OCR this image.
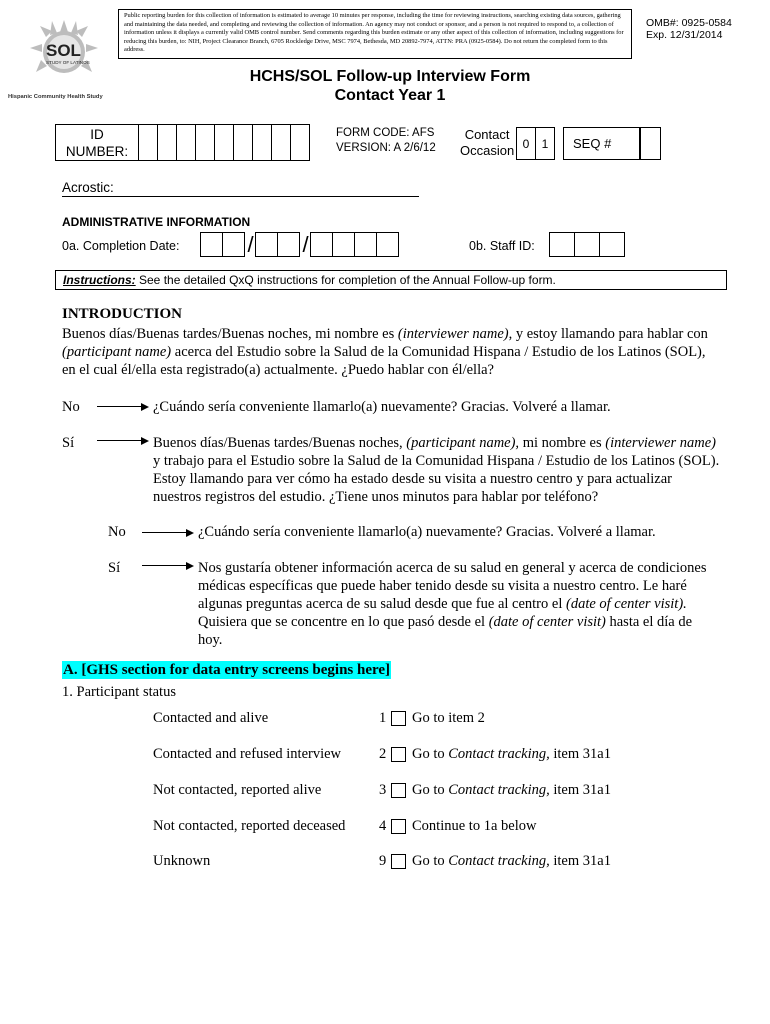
SOL
STUDY OF LATINOS
Hispanic Community Health Study
Public reporting burden for this collection of information is estimated to average 10 minutes per response, including the time for reviewing instructions, searching existing data sources, gathering and maintaining the data needed, and completing and reviewing the collection of information. An agency may not conduct or sponsor, and a person is not required to respond to, a collection of information unless it displays a currently valid OMB control number. Send comments regarding this burden estimate or any other aspect of this collection of information, including suggestions for reducing this burden, to: NIH, Project Clearance Branch, 6705 Rockledge Drive, MSC 7974, Bethesda, MD 20892-7974, ATTN: PRA (0925-0584). Do not return the completed form to this address.
OMB#: 0925-0584
Exp. 12/31/2014
HCHS/SOL Follow-up Interview Form
Contact Year 1
ID
NUMBER:
FORM CODE: AFS
VERSION: A 2/6/12
Contact
Occasion 0	1	SEQ #
Acrostic:
ADMINISTRATIVE INFORMATION
0a. Completion Date:	/ /	0b. Staff ID:
Instructions: See the detailed QxQ instructions for completion of the Annual Follow-up form.
INTRODUCTION
Buenos días/Buenas tardes/Buenas noches, mi nombre es (interviewer name), y estoy llamando para hablar con (participant name) acerca del Estudio sobre la Salud de la Comunidad Hispana / Estudio de los Latinos (SOL), en el cual él/ella esta registrado(a) actualmente. ¿Puedo hablar con él/ella?
No	¿Cuándo sería conveniente llamarlo(a) nuevamente? Gracias. Volveré a llamar.
Sí	Buenos días/Buenas tardes/Buenas noches, (participant name), mi nombre es (interviewer name) y trabajo para el Estudio sobre la Salud de la Comunidad Hispana / Estudio de los Latinos (SOL). Estoy llamando para ver cómo ha estado desde su visita a nuestro centro y para actualizar nuestros registros del estudio. ¿Tiene unos minutos para hablar por teléfono?
No	¿Cuándo sería conveniente llamarlo(a) nuevamente? Gracias. Volveré a llamar.
Sí	Nos gustaría obtener información acerca de su salud en general y acerca de condiciones médicas específicas que puede haber tenido desde su visita a nuestro centro. Le haré algunas preguntas acerca de su salud desde que fue al centro el (date of center visit). Quisiera que se concentre en lo que pasó desde el (date of center visit) hasta el día de hoy.
A. [GHS section for data entry screens begins here]
1. Participant status
Contacted and alive	1 Go to item 2
Contacted and refused interview	2 Go to Contact tracking, item 31a1
Not contacted, reported alive	3 Go to Contact tracking, item 31a1
Not contacted, reported deceased 4 Continue to 1a below
Unknown	9 Go to Contact tracking, item 31a1
